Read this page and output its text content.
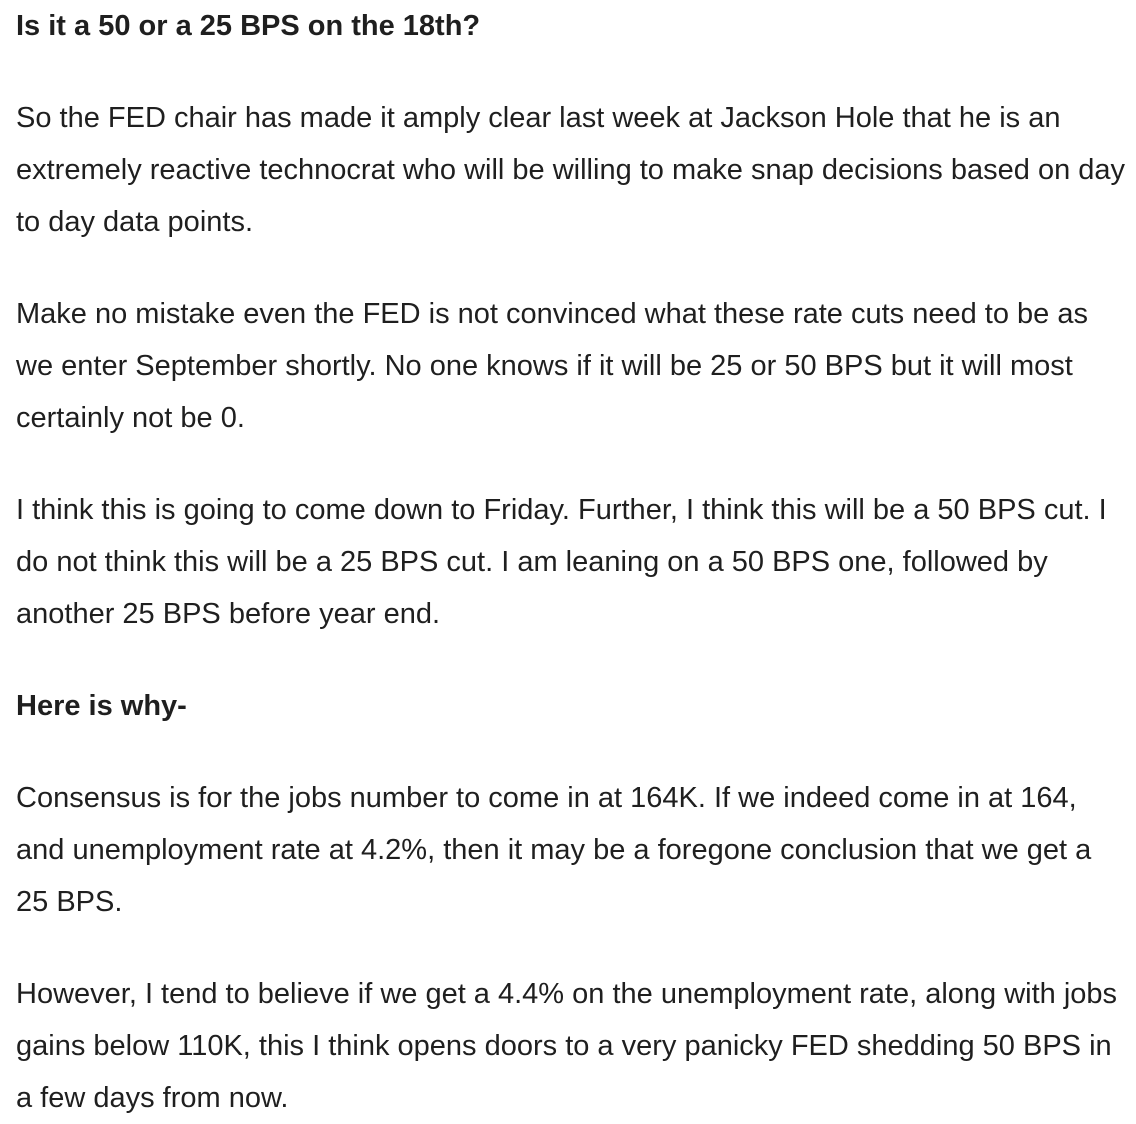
Is it a 50 or a 25 BPS on the 18th?

So the FED chair has made it amply clear last week at Jackson Hole that he is an extremely reactive technocrat who will be willing to make snap decisions based on day to day data points.

Make no mistake even the FED is not convinced what these rate cuts need to be as we enter September shortly. No one knows if it will be 25 or 50 BPS but it will most certainly not be 0.

I think this is going to come down to Friday. Further, I think this will be a 50 BPS cut. I do not think this will be a 25 BPS cut. I am leaning on a 50 BPS one, followed by another 25 BPS before year end.

Here is why-

Consensus is for the jobs number to come in at 164K. If we indeed come in at 164, and unemployment rate at 4.2%, then it may be a foregone conclusion that we get a 25 BPS.

However, I tend to believe if we get a 4.4% on the unemployment rate, along with jobs gains below 110K, this I think opens doors to a very panicky FED shedding 50 BPS in a few days from now.
